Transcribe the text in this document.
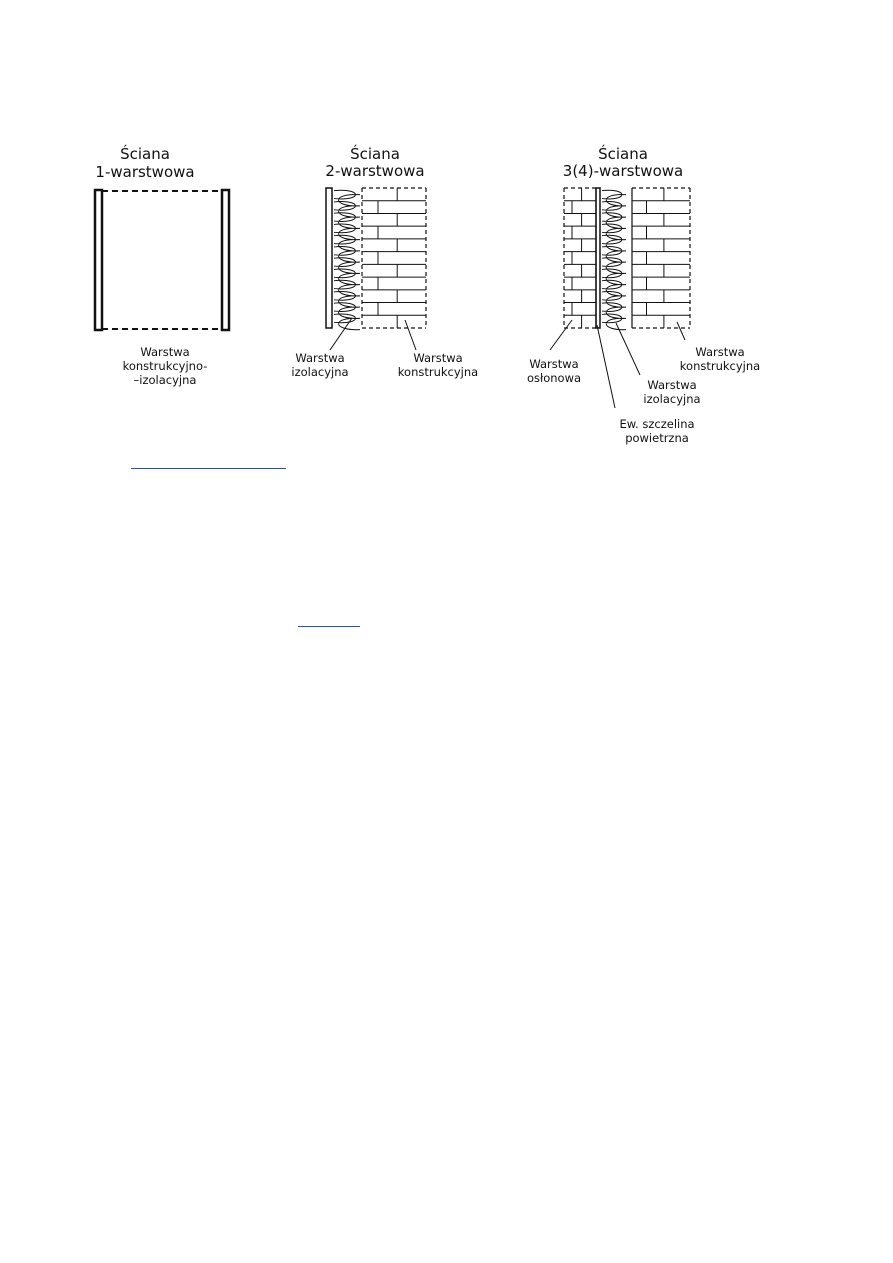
Ściana
1-warstwowa
Warstwa
konstrukcyjno-
–izolacyjna
Ściana
2-warstwowa
Warstwa
izolacyjna
Warstwa
konstrukcyjna
Ściana
3(4)-warstwowa
Warstwa
osłonowa
Warstwa
konstrukcyjna
Warstwa
izolacyjna
Ew. szczelina
powietrzna
